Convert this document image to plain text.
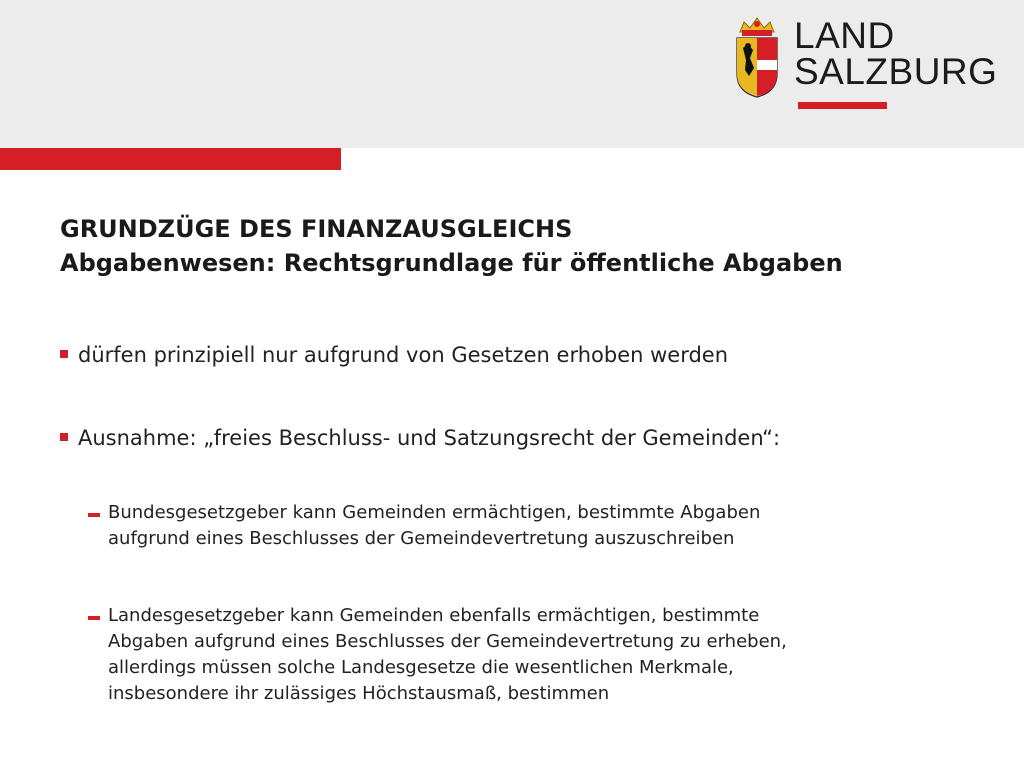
LAND
SALZBURG
GRUNDZÜGE DES FINANZAUSGLEICHS
Abgabenwesen: Rechtsgrundlage für öffentliche Abgaben
dürfen prinzipiell nur aufgrund von Gesetzen erhoben werden
Ausnahme: „freies Beschluss- und Satzungsrecht der Gemeinden“:
Bundesgesetzgeber kann Gemeinden ermächtigen, bestimmte Abgaben
aufgrund eines Beschlusses der Gemeindevertretung auszuschreiben
Landesgesetzgeber kann Gemeinden ebenfalls ermächtigen, bestimmte
Abgaben aufgrund eines Beschlusses der Gemeindevertretung zu erheben,
allerdings müssen solche Landesgesetze die wesentlichen Merkmale,
insbesondere ihr zulässiges Höchstausmaß, bestimmen
